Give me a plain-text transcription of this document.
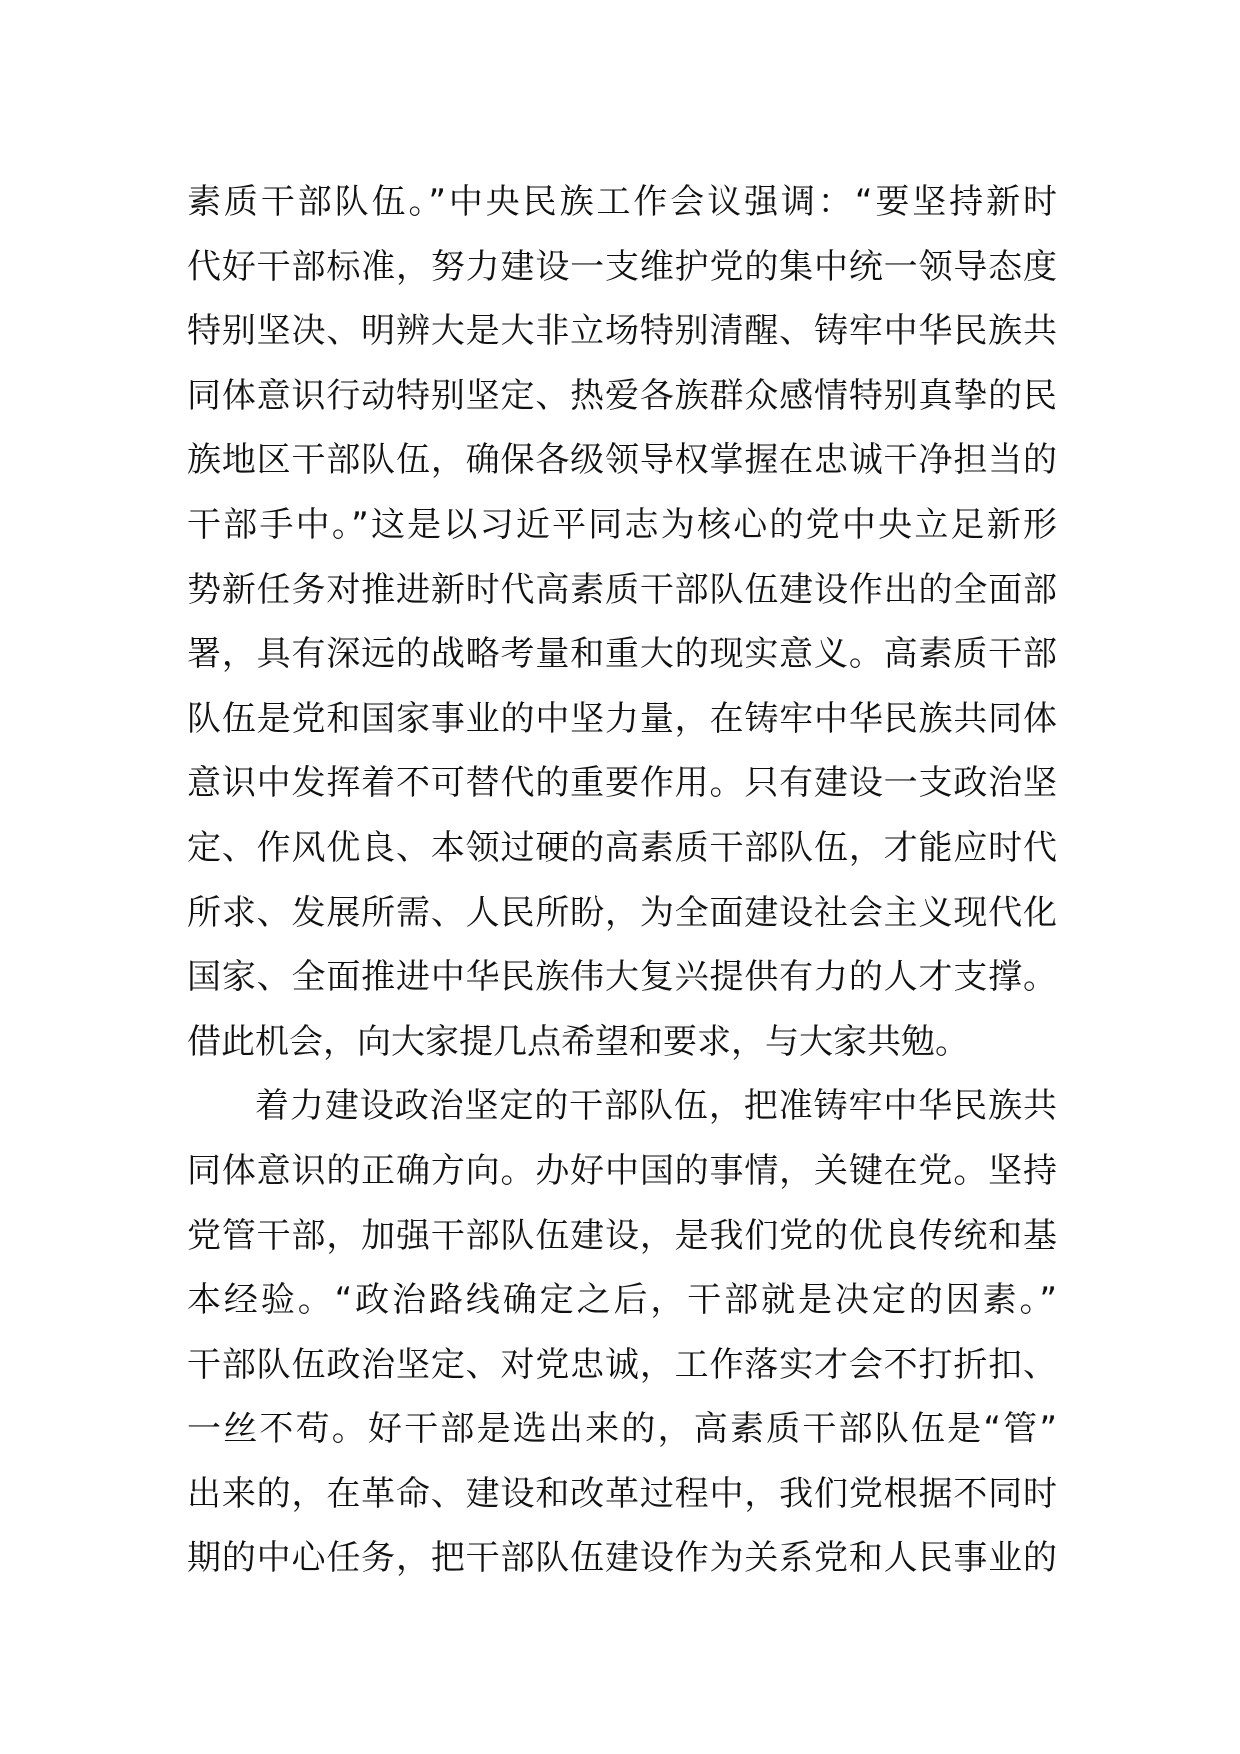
素质干部队伍。”中央民族工作会议强调：“要坚持新时
代好干部标准，努力建设一支维护党的集中统一领导态度
特别坚决、明辨大是大非立场特别清醒、铸牢中华民族共
同体意识行动特别坚定、热爱各族群众感情特别真挚的民
族地区干部队伍，确保各级领导权掌握在忠诚干净担当的
干部手中。”这是以习近平同志为核心的党中央立足新形
势新任务对推进新时代高素质干部队伍建设作出的全面部
署，具有深远的战略考量和重大的现实意义。高素质干部
队伍是党和国家事业的中坚力量，在铸牢中华民族共同体
意识中发挥着不可替代的重要作用。只有建设一支政治坚
定、作风优良、本领过硬的高素质干部队伍，才能应时代
所求、发展所需、人民所盼，为全面建设社会主义现代化
国家、全面推进中华民族伟大复兴提供有力的人才支撑。
借此机会，向大家提几点希望和要求，与大家共勉。
着力建设政治坚定的干部队伍，把准铸牢中华民族共
同体意识的正确方向。办好中国的事情，关键在党。坚持
党管干部，加强干部队伍建设，是我们党的优良传统和基
本经验。“政治路线确定之后，干部就是决定的因素。”
干部队伍政治坚定、对党忠诚，工作落实才会不打折扣、
一丝不苟。好干部是选出来的，高素质干部队伍是“管”
出来的，在革命、建设和改革过程中，我们党根据不同时
期的中心任务，把干部队伍建设作为关系党和人民事业的
